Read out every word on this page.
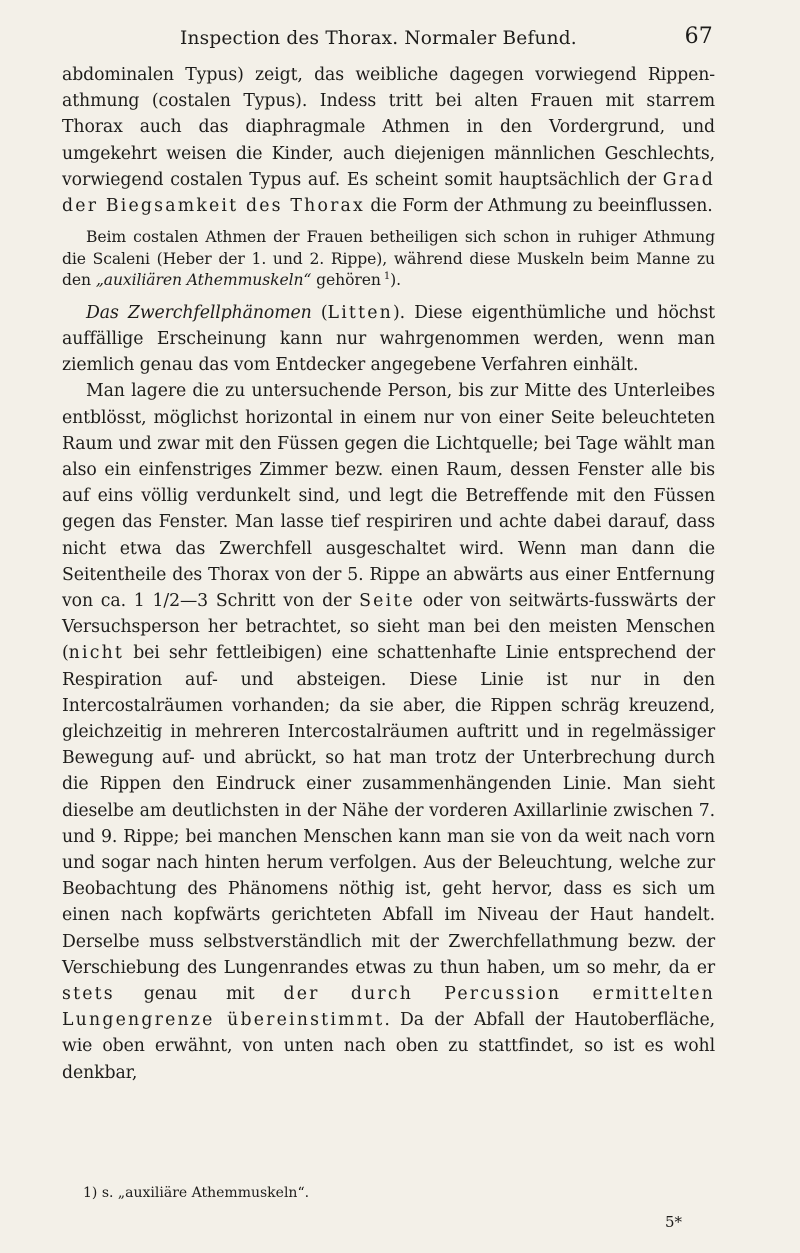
Inspection des Thorax. Normaler Befund.	67

abdominalen Typus) zeigt, das weibliche dagegen vorwiegend Rippen-athmung (costalen Typus). Indess tritt bei alten Frauen mit starrem Thorax auch das diaphragmale Athmen in den Vordergrund, und umgekehrt weisen die Kinder, auch diejenigen männlichen Geschlechts, vorwiegend costalen Typus auf. Es scheint somit hauptsächlich der Grad der Biegsamkeit des Thorax die Form der Athmung zu beeinflussen.

Beim costalen Athmen der Frauen betheiligen sich schon in ruhiger Athmung die Scaleni (Heber der 1. und 2. Rippe), während diese Muskeln beim Manne zu den „auxiliären Athemmuskeln“ gehören  $^1$).

Das Zwerchfellphänomen (Litten). Diese eigenthümliche und höchst auffällige Erscheinung kann nur wahrgenommen werden, wenn man ziemlich genau das vom Entdecker angegebene Verfahren einhält.

Man lagere die zu untersuchende Person, bis zur Mitte des Unterleibes entblösst, möglichst horizontal in einem nur von einer Seite beleuchteten Raum und zwar mit den Füssen gegen die Lichtquelle; bei Tage wählt man also ein einfenstriges Zimmer bezw. einen Raum, dessen Fenster alle bis auf eins völlig verdunkelt sind, und legt die Betreffende mit den Füssen gegen das Fenster. Man lasse tief respiriren und achte dabei darauf, dass nicht etwa das Zwerchfell ausgeschaltet wird. Wenn man dann die Seitentheile des Thorax von der 5. Rippe an abwärts aus einer Entfernung von ca. 1 1/2—3 Schritt von der Seite oder von seitwärts-fusswärts der Versuchsperson her betrachtet, so sieht man bei den meisten Menschen (nicht bei sehr fettleibigen) eine schattenhafte Linie entsprechend der Respiration auf- und absteigen. Diese Linie ist nur in den Intercostalräumen vorhanden; da sie aber, die Rippen schräg kreuzend, gleichzeitig in mehreren Intercostalräumen auftritt und in regelmässiger Bewegung auf- und abrückt, so hat man trotz der Unterbrechung durch die Rippen den Eindruck einer zusammenhängenden Linie. Man sieht dieselbe am deutlichsten in der Nähe der vorderen Axillarlinie zwischen 7. und 9. Rippe; bei manchen Menschen kann man sie von da weit nach vorn und sogar nach hinten herum verfolgen. Aus der Beleuchtung, welche zur Beobachtung des Phänomens nöthig ist, geht hervor, dass es sich um einen nach kopfwärts gerichteten Abfall im Niveau der Haut handelt. Derselbe muss selbstverständlich mit der Zwerchfellathmung bezw. der Verschiebung des Lungenrandes etwas zu thun haben, um so mehr, da er stets genau mit der durch Percussion ermittelten Lungengrenze übereinstimmt. Da der Abfall der Hautoberfläche, wie oben erwähnt, von unten nach oben zu stattfindet, so ist es wohl denkbar,

1) s. „auxiliäre Athemmuskeln“.
5*
